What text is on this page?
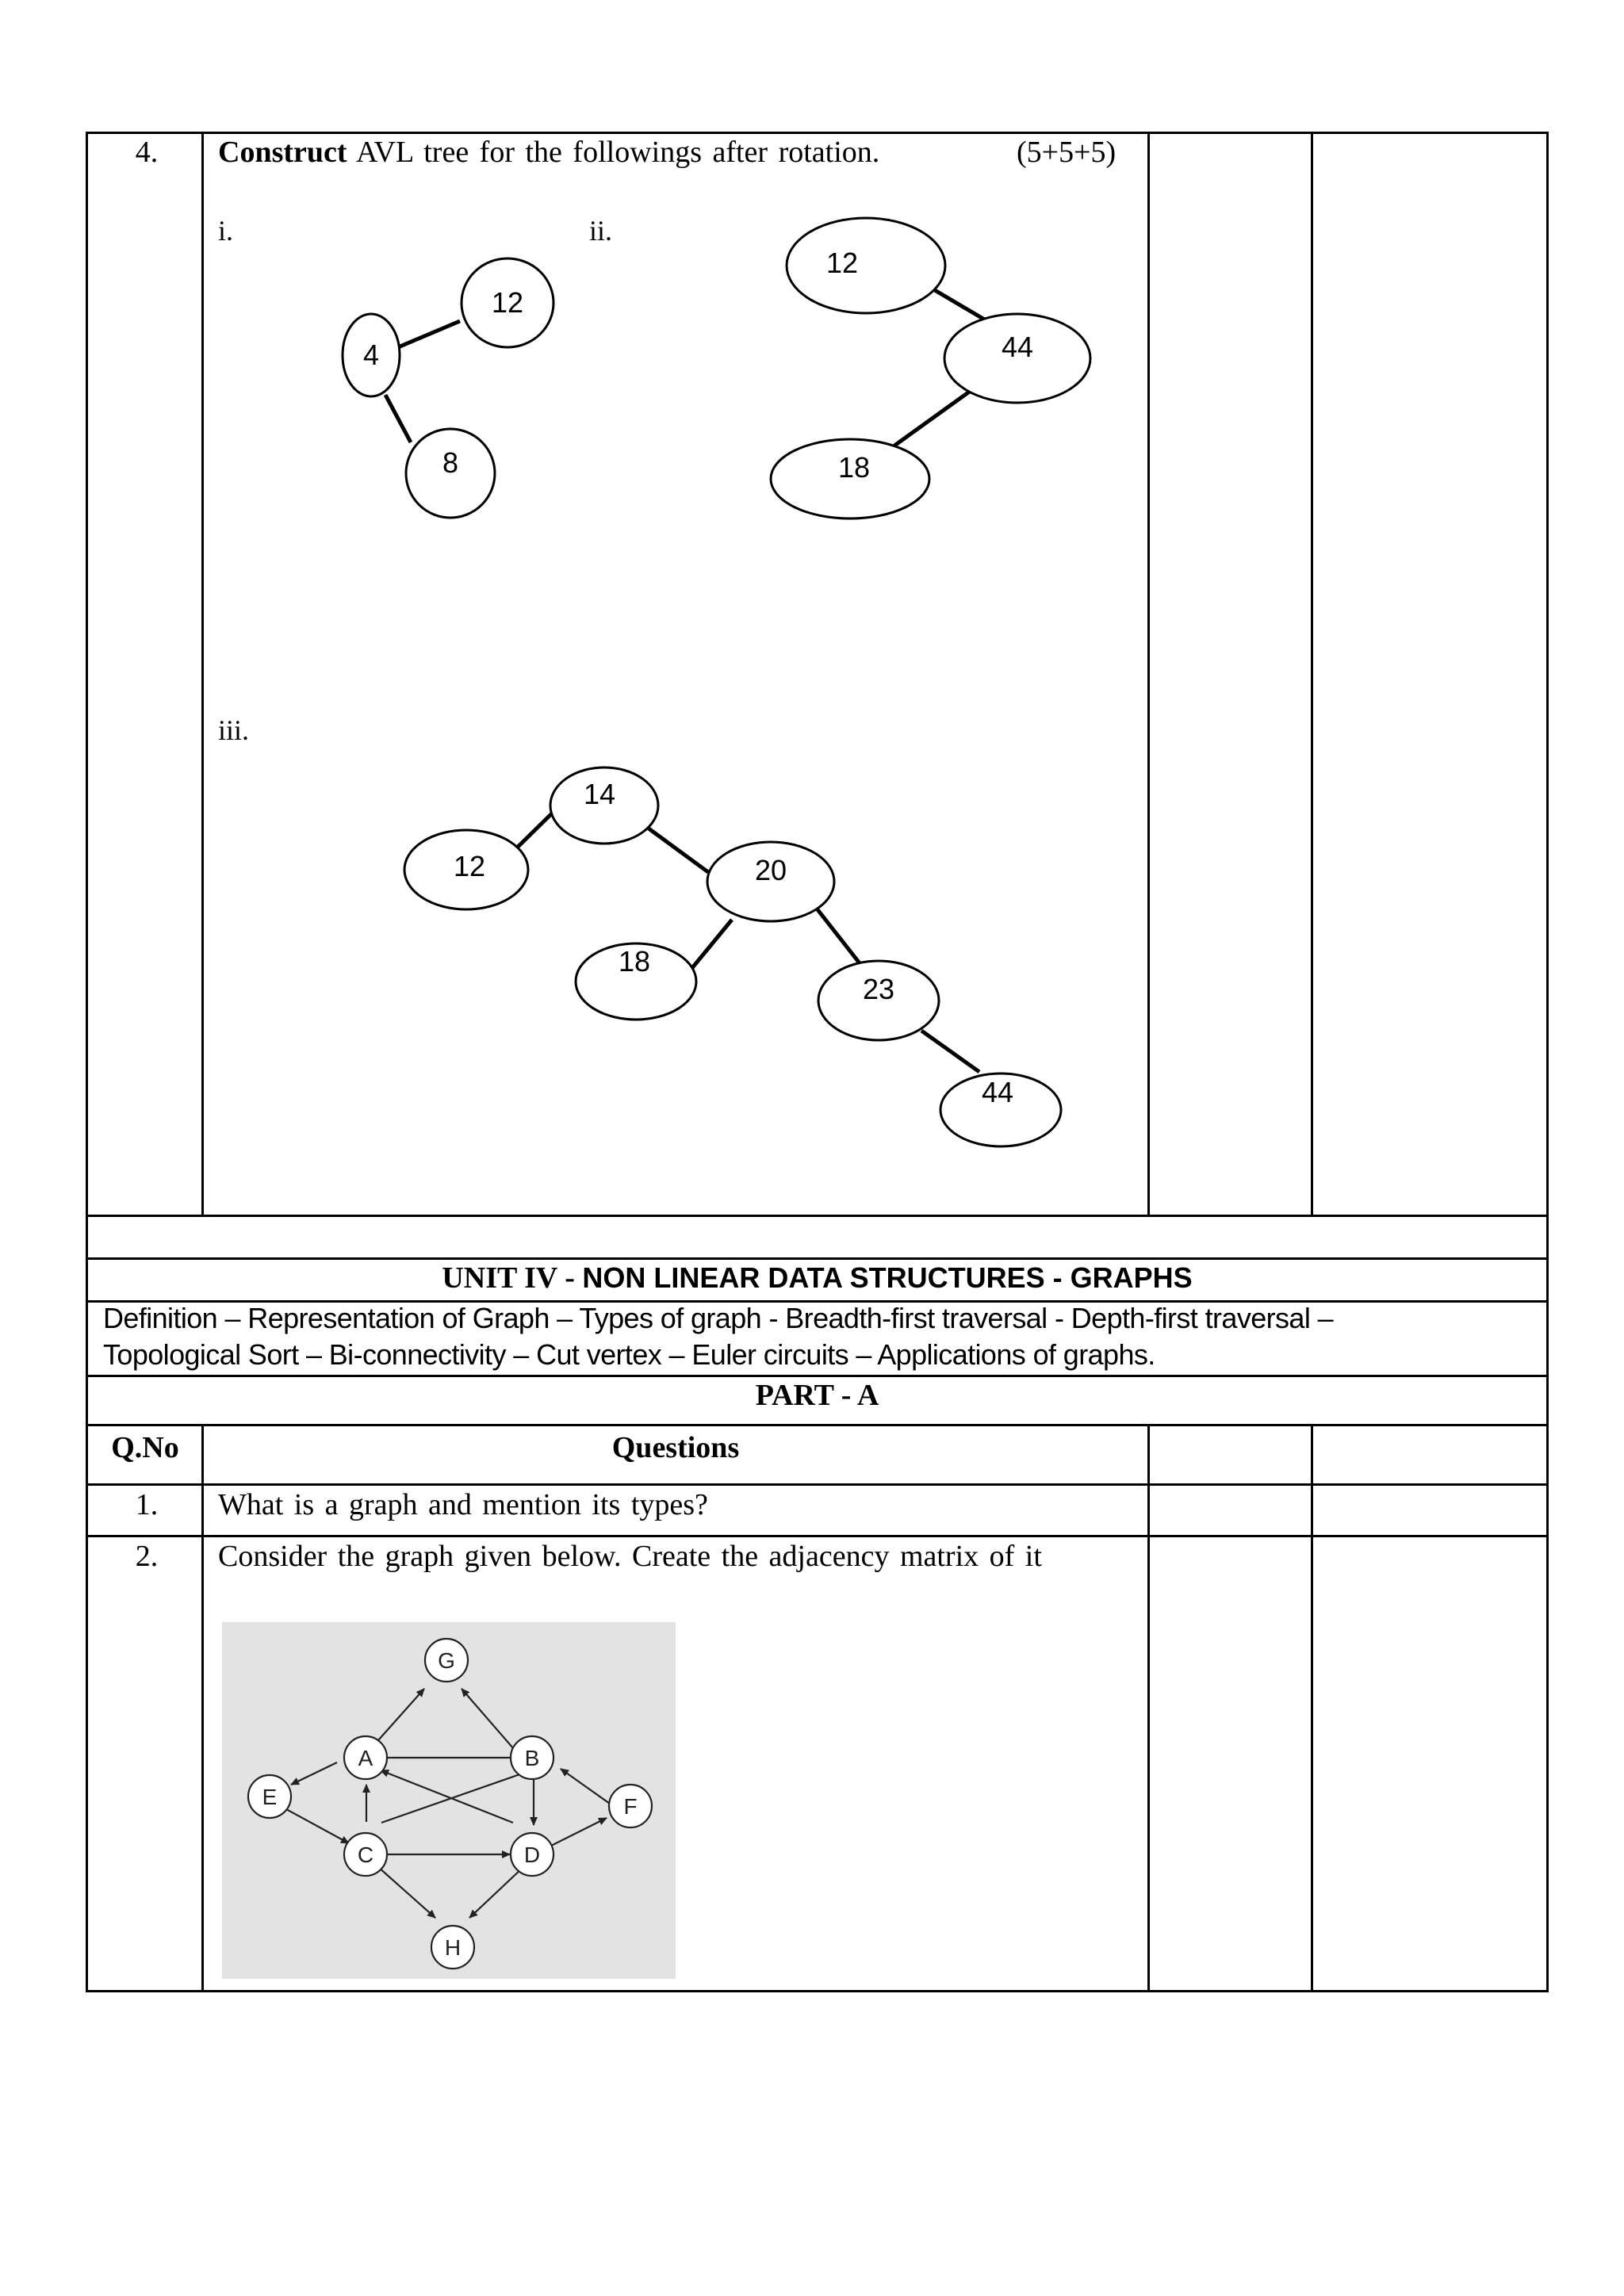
4.	Construct AVL tree for the followings after rotation.	(5+5+5)
i.	ii.
iii.
12
4
8
12
44
18
14
12	20
18
23
44
UNIT IV - NON LINEAR DATA STRUCTURES - GRAPHS
Definition – Representation of Graph – Types of graph - Breadth-first traversal - Depth-first traversal –
Topological Sort – Bi-connectivity – Cut vertex – Euler circuits – Applications of graphs.
PART - A
Q.No	Questions
1.	What is a graph and mention its types?
2.	Consider the graph given below. Create the adjacency matrix of it
G
A	B
E	F
C	D
H
